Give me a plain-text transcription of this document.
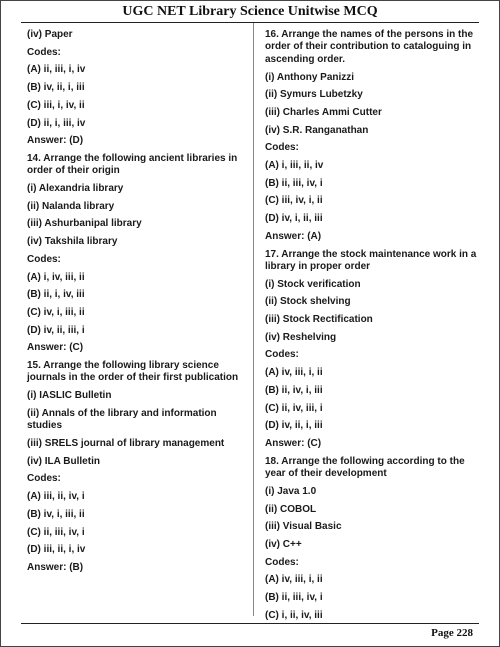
UGC NET Library Science Unitwise MCQ
(iv) Paper
Codes:
(A) ii, iii, i, iv
(B) iv, ii, i, iii
(C) iii, i, iv, ii
(D) ii, i, iii, iv
Answer: (D)
14. Arrange the following ancient libraries in order of their origin
(i) Alexandria library
(ii) Nalanda library
(iii) Ashurbanipal library
(iv) Takshila library
Codes:
(A) i, iv, iii, ii
(B) ii, i, iv, iii
(C) iv, i, iii, ii
(D) iv, ii, iii, i
Answer: (C)
15. Arrange the following library science journals in the order of their first publication
(i) IASLIC Bulletin
(ii) Annals of the library and information studies
(iii) SRELS journal of library management
(iv) ILA Bulletin
Codes:
(A) iii, ii, iv, i
(B) iv, i, iii, ii
(C) ii, iii, iv, i
(D) iii, ii, i, iv
Answer: (B)
16. Arrange the names of the persons in the order of their contribution to cataloguing in ascending order.
(i) Anthony Panizzi
(ii) Symurs Lubetzky
(iii) Charles Ammi Cutter
(iv) S.R. Ranganathan
Codes:
(A) i, iii, ii, iv
(B) ii, iii, iv, i
(C) iii, iv, i, ii
(D) iv, i, ii, iii
Answer: (A)
17. Arrange the stock maintenance work in a library in proper order
(i) Stock verification
(ii) Stock shelving
(iii) Stock Rectification
(iv) Reshelving
Codes:
(A) iv, iii, i, ii
(B) ii, iv, i, iii
(C) ii, iv, iii, i
(D) iv, ii, i, iii
Answer: (C)
18. Arrange the following according to the year of their development
(i) Java 1.0
(ii) COBOL
(iii) Visual Basic
(iv) C++
Codes:
(A) iv, iii, i, ii
(B) ii, iii, iv, i
(C) i, ii, iv, iii
Page 228
